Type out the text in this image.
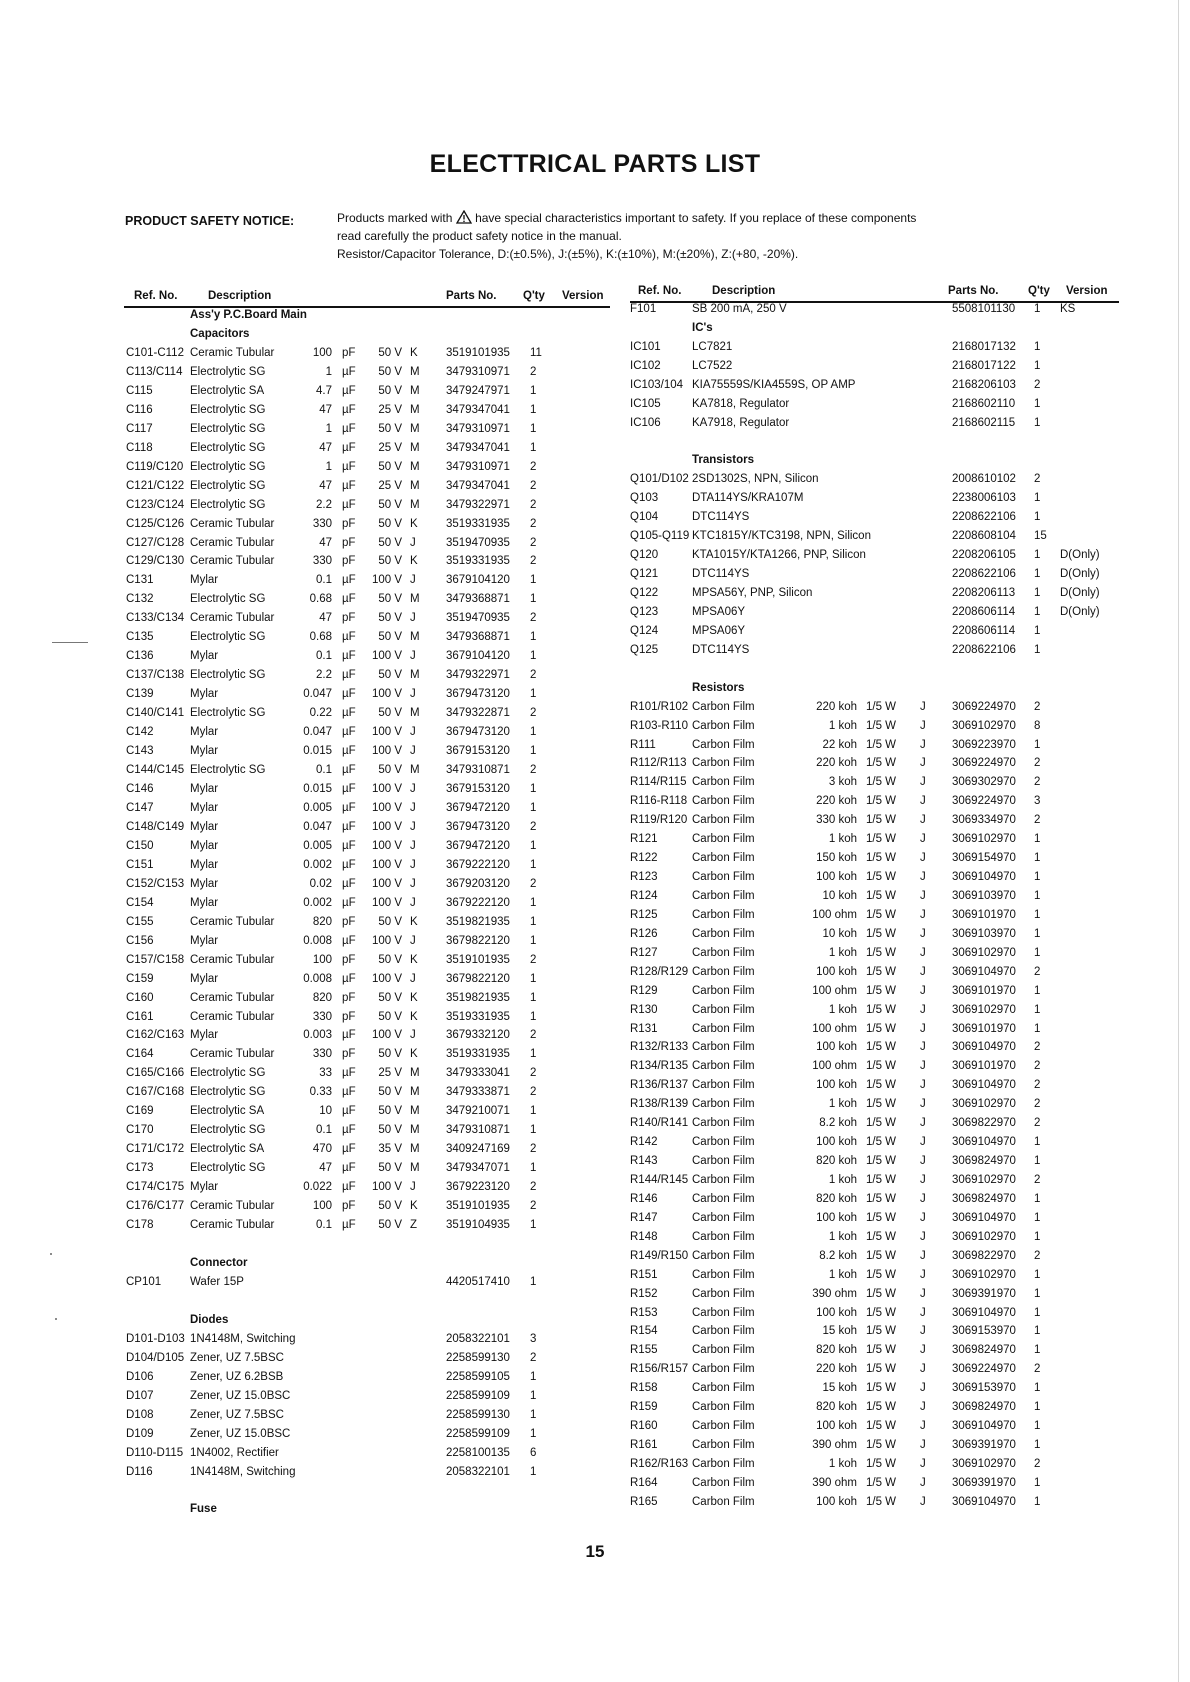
ELECTTRICAL PARTS LIST
PRODUCT SAFETY NOTICE:	Products marked with have special characteristics important to safety. If you replace of these components
read carefully the product safety notice in the manual.
Resistor/Capacitor Tolerance, D:(±0.5%), J:(±5%), K:(±10%), M:(±20%), Z:(+80, -20%).
Ref. No.	Description	Parts No. Q'ty Version	Ref. No.	Description	Parts No.	Q'ty Version
Ass'y P.C.Board Main
Capacitors
C101-C112 Ceramic Tubular	100 pF 50 V K 3519101935 11
C113/C114 Electrolytic SG	1 µF 50 V M 3479310971 2
C115	Electrolytic SA	4.7 µF 50 V M 3479247971 1
C116	Electrolytic SG	47 µF 25 V M 3479347041 1
C117	Electrolytic SG	1 µF 50 V M 3479310971 1
C118	Electrolytic SG	47 µF 25 V M 3479347041 1
C119/C120 Electrolytic SG	1 µF 50 V M 3479310971 2
C121/C122 Electrolytic SG	47 µF 25 V M 3479347041 2
C123/C124 Electrolytic SG	2.2 µF 50 V M 3479322971 2
C125/C126 Ceramic Tubular	330 pF 50 V K 3519331935 2
C127/C128 Ceramic Tubular	47 pF 50 V J	3519470935 2
C129/C130 Ceramic Tubular	330 pF 50 V K 3519331935 2
C131	Mylar	0.1 µF 100 V J	3679104120 1
C132	Electrolytic SG	0.68 µF 50 V M 3479368871 1
C133/C134 Ceramic Tubular	47 pF 50 V J	3519470935 2
C135	Electrolytic SG	0.68 µF 50 V M 3479368871 1
C136	Mylar	0.1 µF 100 V J	3679104120 1
C137/C138 Electrolytic SG	2.2 µF 50 V M 3479322971 2
C139	Mylar	0.047 µF 100 V J	3679473120 1
C140/C141 Electrolytic SG	0.22 µF 50 V M 3479322871 2
C142	Mylar	0.047 µF 100 V J	3679473120 1
C143	Mylar	0.015 µF 100 V J	3679153120 1
C144/C145 Electrolytic SG	0.1 µF 50 V M 3479310871 2
C146	Mylar	0.015 µF 100 V J	3679153120 1
C147	Mylar	0.005 µF 100 V J	3679472120 1
C148/C149 Mylar	0.047 µF 100 V J	3679473120 2
C150	Mylar	0.005 µF 100 V J	3679472120 1
C151	Mylar	0.002 µF 100 V J	3679222120 1
C152/C153 Mylar	0.02 µF 100 V J	3679203120 2
C154	Mylar	0.002 µF 100 V J	3679222120 1
C155	Ceramic Tubular	820 pF 50 V K 3519821935 1
C156	Mylar	0.008 µF 100 V J	3679822120 1
C157/C158 Ceramic Tubular	100 pF 50 V K 3519101935 2
C159	Mylar	0.008 µF 100 V J	3679822120 1
C160	Ceramic Tubular	820 pF 50 V K 3519821935 1
C161	Ceramic Tubular	330 pF 50 V K 3519331935 1
C162/C163 Mylar	0.003 µF 100 V J	3679332120 2
C164	Ceramic Tubular	330 pF 50 V K 3519331935 1
C165/C166 Electrolytic SG	33 µF 25 V M 3479333041 2
C167/C168 Electrolytic SG	0.33 µF 50 V M 3479333871 2
C169	Electrolytic SA	10 µF 50 V M 3479210071 1
C170	Electrolytic SG	0.1 µF 50 V M 3479310871 1
C171/C172 Electrolytic SA	470 µF 35 V M 3409247169 2
C173	Electrolytic SG	47 µF 50 V M 3479347071 1
C174/C175 Mylar	0.022 µF 100 V J	3679223120 2
C176/C177 Ceramic Tubular	100 pF 50 V K 3519101935 2
C178	Ceramic Tubular	0.1 µF 50 V Z	3519104935 1
Connector
CP101	Wafer 15P	4420517410 1
Diodes
D101-D103 1N4148M, Switching	2058322101 3
D104/D105 Zener, UZ 7.5BSC	2258599130 2
D106	Zener, UZ 6.2BSB	2258599105 1
D107	Zener, UZ 15.0BSC	2258599109 1
D108	Zener, UZ 7.5BSC	2258599130 1
D109	Zener, UZ 15.0BSC	2258599109 1
D110-D115 1N4002, Rectifier	2258100135 6
D116	1N4148M, Switching	2058322101 1
Fuse
F101	SB 200 mA, 250 V	5508101130 1 KS
IC's
IC101	LC7821	2168017132 1
IC102	LC7522	2168017122 1
IC103/104 KIA75559S/KIA4559S, OP AMP	2168206103 2
IC105	KA7818, Regulator	2168602110 1
IC106	KA7918, Regulator	2168602115 1
Transistors
Q101/D102 2SD1302S, NPN, Silicon	2008610102 2
Q103	DTA114YS/KRA107M	2238006103 1
Q104	DTC114YS	2208622106 1
Q105-Q119 KTC1815Y/KTC3198, NPN, Silicon	2208608104 15
Q120	KTA1015Y/KTA1266, PNP, Silicon	2208206105 1 D(Only)
Q121	DTC114YS	2208622106 1 D(Only)
Q122	MPSA56Y, PNP, Silicon	2208206113 1 D(Only)
Q123	MPSA06Y	2208606114 1 D(Only)
Q124	MPSA06Y	2208606114 1
Q125	DTC114YS	2208622106 1
Resistors
R101/R102 Carbon Film	220 koh 1/5 W J 3069224970 2
R103-R110 Carbon Film	1 koh 1/5 W J 3069102970 8
R111	Carbon Film	22 koh 1/5 W J 3069223970 1
R112/R113 Carbon Film	220 koh 1/5 W J 3069224970 2
R114/R115 Carbon Film	3 koh 1/5 W J 3069302970 2
R116-R118 Carbon Film	220 koh 1/5 W J 3069224970 3
R119/R120 Carbon Film	330 koh 1/5 W J 3069334970 2
R121	Carbon Film	1 koh 1/5 W J 3069102970 1
R122	Carbon Film	150 koh 1/5 W J 3069154970 1
R123	Carbon Film	100 koh 1/5 W J 3069104970 1
R124	Carbon Film	10 koh 1/5 W J 3069103970 1
R125	Carbon Film	100 ohm 1/5 W J 3069101970 1
R126	Carbon Film	10 koh 1/5 W J 3069103970 1
R127	Carbon Film	1 koh 1/5 W J 3069102970 1
R128/R129 Carbon Film	100 koh 1/5 W J 3069104970 2
R129	Carbon Film	100 ohm 1/5 W J 3069101970 1
R130	Carbon Film	1 koh 1/5 W J 3069102970 1
R131	Carbon Film	100 ohm 1/5 W J 3069101970 1
R132/R133 Carbon Film	100 koh 1/5 W J 3069104970 2
R134/R135 Carbon Film	100 ohm 1/5 W J 3069101970 2
R136/R137 Carbon Film	100 koh 1/5 W J 3069104970 2
R138/R139 Carbon Film	1 koh 1/5 W J 3069102970 2
R140/R141 Carbon Film	8.2 koh 1/5 W J 3069822970 2
R142	Carbon Film	100 koh 1/5 W J 3069104970 1
R143	Carbon Film	820 koh 1/5 W J 3069824970 1
R144/R145 Carbon Film	1 koh 1/5 W J 3069102970 2
R146	Carbon Film	820 koh 1/5 W J 3069824970 1
R147	Carbon Film	100 koh 1/5 W J 3069104970 1
R148	Carbon Film	1 koh 1/5 W J 3069102970 1
R149/R150 Carbon Film	8.2 koh 1/5 W J 3069822970 2
R151	Carbon Film	1 koh 1/5 W J 3069102970 1
R152	Carbon Film	390 ohm 1/5 W J 3069391970 1
R153	Carbon Film	100 koh 1/5 W J 3069104970 1
R154	Carbon Film	15 koh 1/5 W J 3069153970 1
R155	Carbon Film	820 koh 1/5 W J 3069824970 1
R156/R157 Carbon Film	220 koh 1/5 W J 3069224970 2
R158	Carbon Film	15 koh 1/5 W J 3069153970 1
R159	Carbon Film	820 koh 1/5 W J 3069824970 1
R160	Carbon Film	100 koh 1/5 W J 3069104970 1
R161	Carbon Film	390 ohm 1/5 W J 3069391970 1
R162/R163 Carbon Film	1 koh 1/5 W J 3069102970 2
R164	Carbon Film	390 ohm 1/5 W J 3069391970 1
R165	Carbon Film	100 koh 1/5 W J 3069104970 1
15
